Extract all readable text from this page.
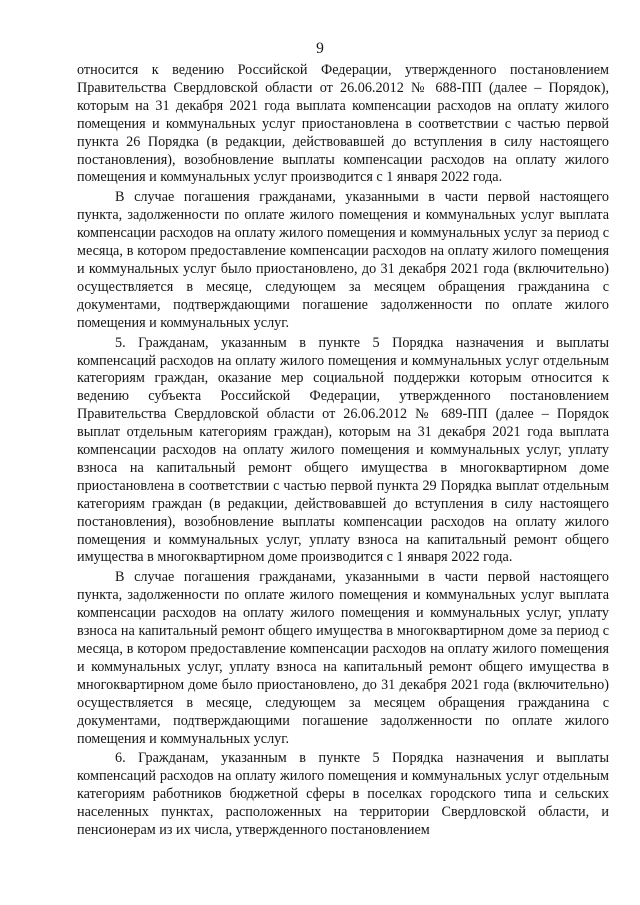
9

относится к ведению Российской Федерации, утвержденного постановлением Правительства Свердловской области от 26.06.2012 № 688-ПП (далее – Порядок), которым на 31 декабря 2021 года выплата компенсации расходов на оплату жилого помещения и коммунальных услуг приостановлена в соответствии с частью первой пункта 26 Порядка (в редакции, действовавшей до вступления в силу настоящего постановления), возобновление выплаты компенсации расходов на оплату жилого помещения и коммунальных услуг производится с 1 января 2022 года.

В случае погашения гражданами, указанными в части первой настоящего пункта, задолженности по оплате жилого помещения и коммунальных услуг выплата компенсации расходов на оплату жилого помещения и коммунальных услуг за период с месяца, в котором предоставление компенсации расходов на оплату жилого помещения и коммунальных услуг было приостановлено, до 31 декабря 2021 года (включительно) осуществляется в месяце, следующем за месяцем обращения гражданина с документами, подтверждающими погашение задолженности по оплате жилого помещения и коммунальных услуг.

5. Гражданам, указанным в пункте 5 Порядка назначения и выплаты компенсаций расходов на оплату жилого помещения и коммунальных услуг отдельным категориям граждан, оказание мер социальной поддержки которым относится к ведению субъекта Российской Федерации, утвержденного постановлением Правительства Свердловской области от 26.06.2012 № 689-ПП (далее – Порядок выплат отдельным категориям граждан), которым на 31 декабря 2021 года выплата компенсации расходов на оплату жилого помещения и коммунальных услуг, уплату взноса на капитальный ремонт общего имущества в многоквартирном доме приостановлена в соответствии с частью первой пункта 29 Порядка выплат отдельным категориям граждан (в редакции, действовавшей до вступления в силу настоящего постановления), возобновление выплаты компенсации расходов на оплату жилого помещения и коммунальных услуг, уплату взноса на капитальный ремонт общего имущества в многоквартирном доме производится с 1 января 2022 года.

В случае погашения гражданами, указанными в части первой настоящего пункта, задолженности по оплате жилого помещения и коммунальных услуг выплата компенсации расходов на оплату жилого помещения и коммунальных услуг, уплату взноса на капитальный ремонт общего имущества в многоквартирном доме за период с месяца, в котором предоставление компенсации расходов на оплату жилого помещения и коммунальных услуг, уплату взноса на капитальный ремонт общего имущества в многоквартирном доме было приостановлено, до 31 декабря 2021 года (включительно) осуществляется в месяце, следующем за месяцем обращения гражданина с документами, подтверждающими погашение задолженности по оплате жилого помещения и коммунальных услуг.

6. Гражданам, указанным в пункте 5 Порядка назначения и выплаты компенсаций расходов на оплату жилого помещения и коммунальных услуг отдельным категориям работников бюджетной сферы в поселках городского типа и сельских населенных пунктах, расположенных на территории Свердловской области, и пенсионерам из их числа, утвержденного постановлением
